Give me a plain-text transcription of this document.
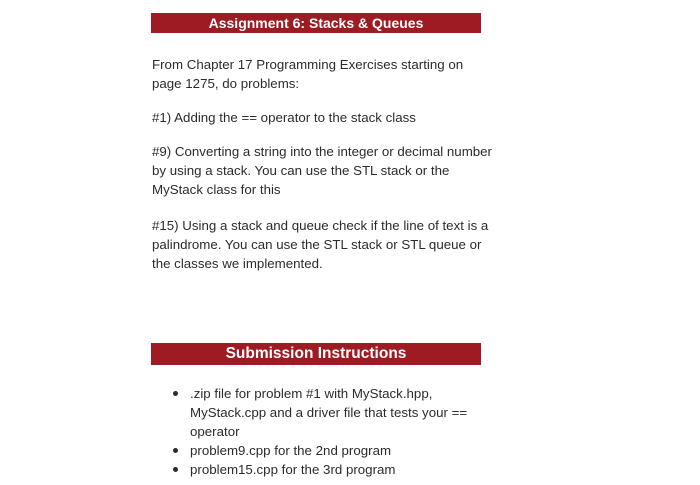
Assignment 6: Stacks & Queues

From Chapter 17 Programming Exercises starting on page 1275, do problems:

#1) Adding the == operator to the stack class

#9) Converting a string into the integer or decimal number by using a stack. You can use the STL stack or the MyStack class for this

#15) Using a stack and queue check if the line of text is a palindrome. You can use the STL stack or STL queue or the classes we implemented.

Submission Instructions
.zip file for problem #1 with MyStack.hpp, MyStack.cpp and a driver file that tests your == operator
problem9.cpp for the 2nd program
problem15.cpp for the 3rd program
